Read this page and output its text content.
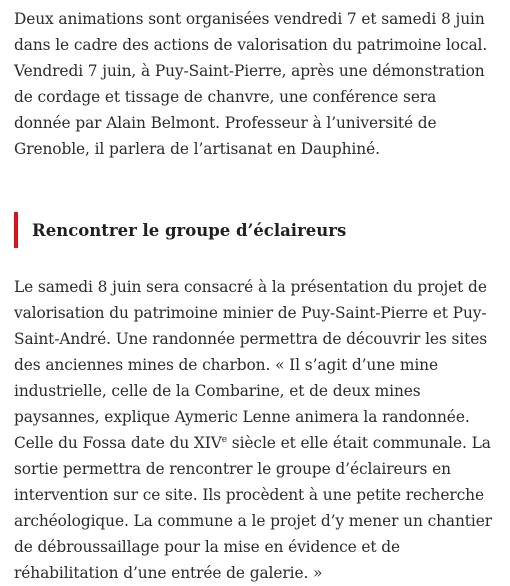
Deux animations sont organisées vendredi 7 et samedi 8 juin dans le cadre des actions de valorisation du patrimoine local. Vendredi 7 juin, à Puy-Saint-Pierre, après une démonstration de cordage et tissage de chanvre, une conférence sera donnée par Alain Belmont. Professeur à l’université de Grenoble, il parlera de l’artisanat en Dauphiné.

Rencontrer le groupe d’éclaireurs

Le samedi 8 juin sera consacré à la présentation du projet de valorisation du patrimoine minier de Puy-Saint-Pierre et Puy-Saint-André. Une randonnée permettra de découvrir les sites des anciennes mines de charbon. « Il s’agit d’une mine industrielle, celle de la Combarine, et de deux mines paysannes, explique Aymeric Lenne animera la randonnée. Celle du Fossa date du XIVe siècle et elle était communale. La sortie permettra de rencontrer le groupe d’éclaireurs en intervention sur ce site. Ils procèdent à une petite recherche archéologique. La commune a le projet d’y mener un chantier de débroussaillage pour la mise en évidence et de réhabilitation d’une entrée de galerie. »
